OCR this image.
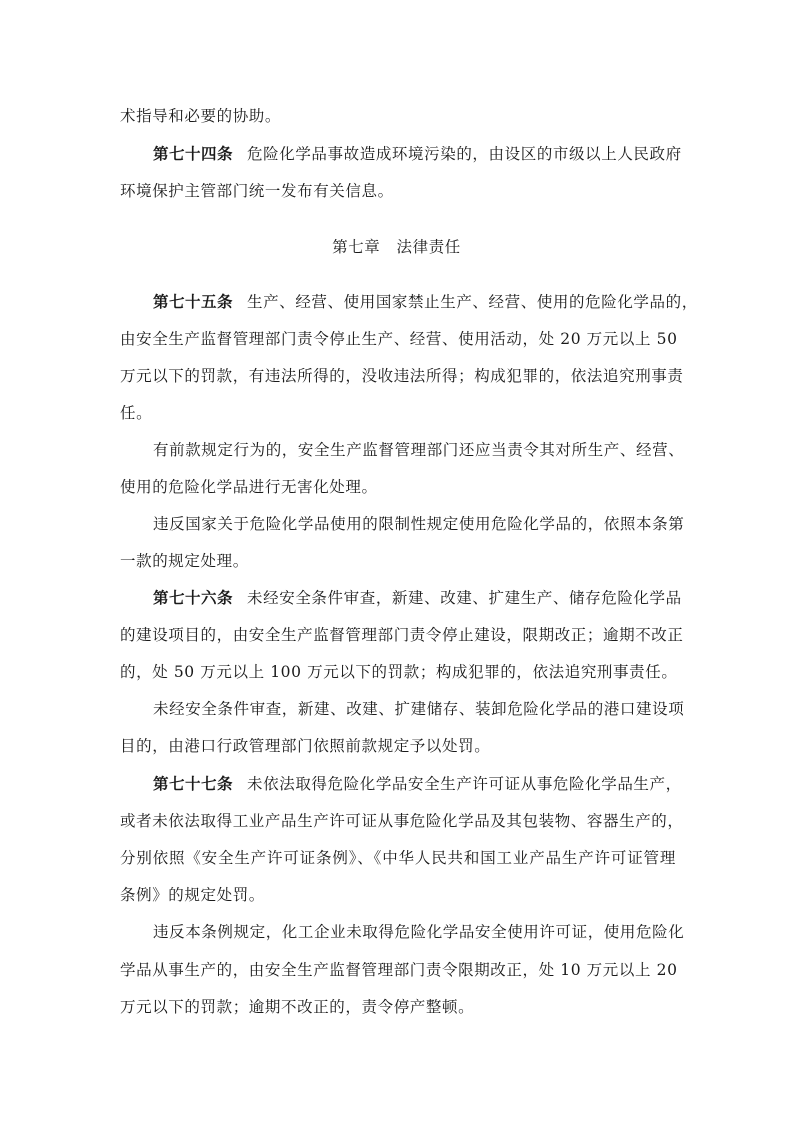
术指导和必要的协助。
第七十四条 危险化学品事故造成环境污染的，由设区的市级以上人民政府
环境保护主管部门统一发布有关信息。
第七章　法律责任
第七十五条 生产、经营、使用国家禁止生产、经营、使用的危险化学品的，
由安全生产监督管理部门责令停止生产、经营、使用活动，处 20 万元以上 50
万元以下的罚款，有违法所得的，没收违法所得；构成犯罪的，依法追究刑事责
任。
有前款规定行为的，安全生产监督管理部门还应当责令其对所生产、经营、
使用的危险化学品进行无害化处理。
违反国家关于危险化学品使用的限制性规定使用危险化学品的，依照本条第
一款的规定处理。
第七十六条 未经安全条件审查，新建、改建、扩建生产、储存危险化学品
的建设项目的，由安全生产监督管理部门责令停止建设，限期改正；逾期不改正
的，处 50 万元以上 100 万元以下的罚款；构成犯罪的，依法追究刑事责任。
未经安全条件审查，新建、改建、扩建储存、装卸危险化学品的港口建设项
目的，由港口行政管理部门依照前款规定予以处罚。
第七十七条 未依法取得危险化学品安全生产许可证从事危险化学品生产，
或者未依法取得工业产品生产许可证从事危险化学品及其包装物、容器生产的，
分别依照《安全生产许可证条例》、《中华人民共和国工业产品生产许可证管理
条例》的规定处罚。
违反本条例规定，化工企业未取得危险化学品安全使用许可证，使用危险化
学品从事生产的，由安全生产监督管理部门责令限期改正，处 10 万元以上 20
万元以下的罚款；逾期不改正的，责令停产整顿。
